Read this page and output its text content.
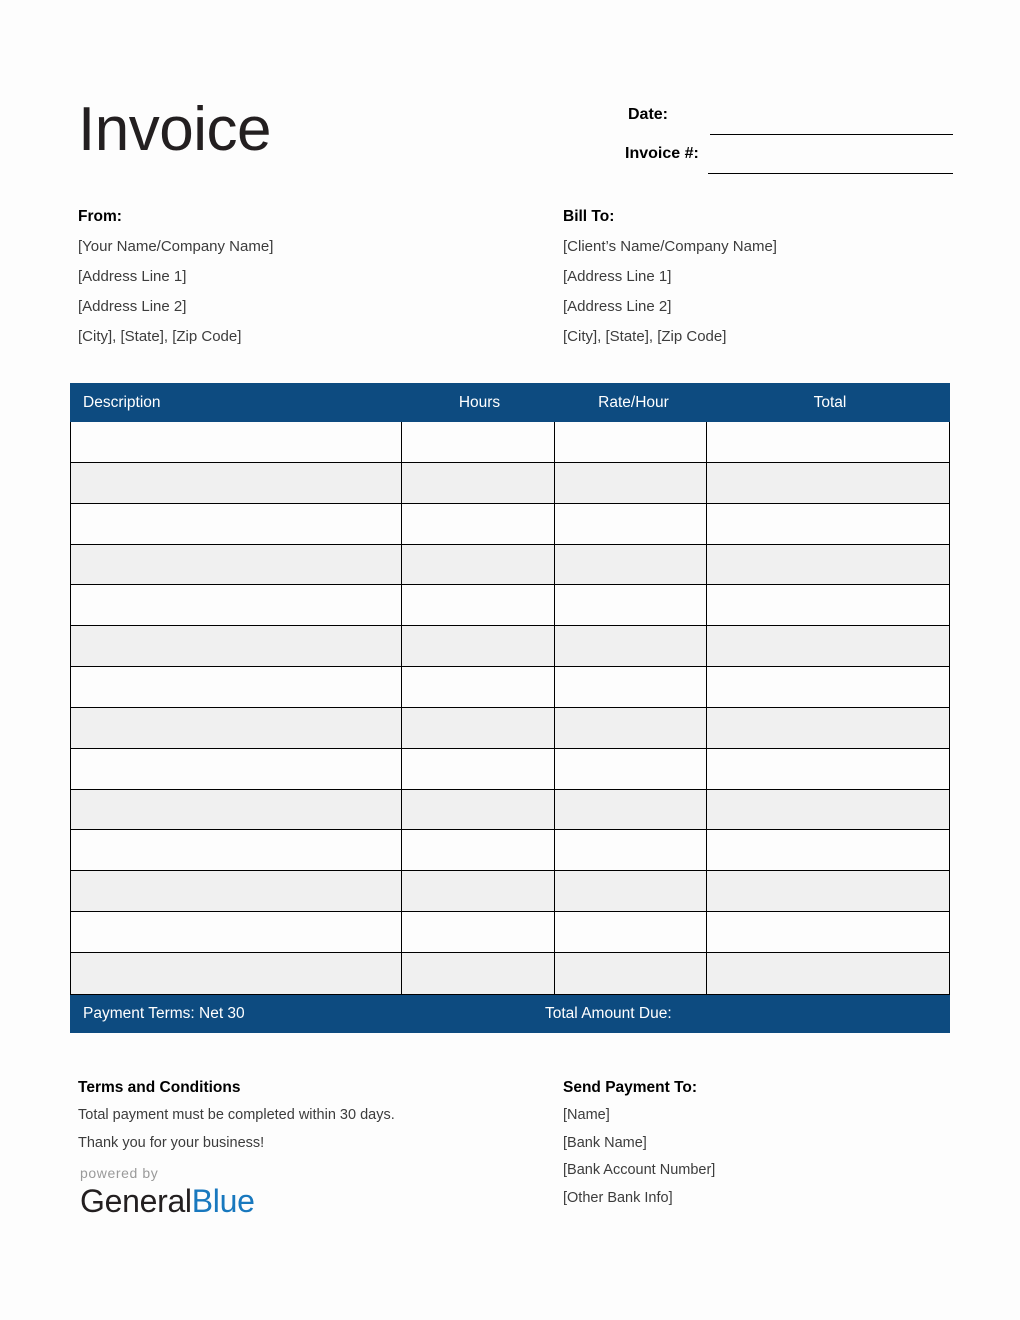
Invoice	Date:
Invoice #:
From:
[Your Name/Company Name]
[Address Line 1]
[Address Line 2]
[City], [State], [Zip Code]
Bill To:
[Client’s Name/Company Name]
[Address Line 1]
[Address Line 2]
[City], [State], [Zip Code]
Description	Hours	Rate/Hour	Total
Payment Terms: Net 30	Total Amount Due:
Terms and Conditions
Total payment must be completed within 30 days.
Thank you for your business!
Send Payment To:
[Name]
[Bank Name]
[Bank Account Number]
[Other Bank Info]
powered by
GeneralBlue
